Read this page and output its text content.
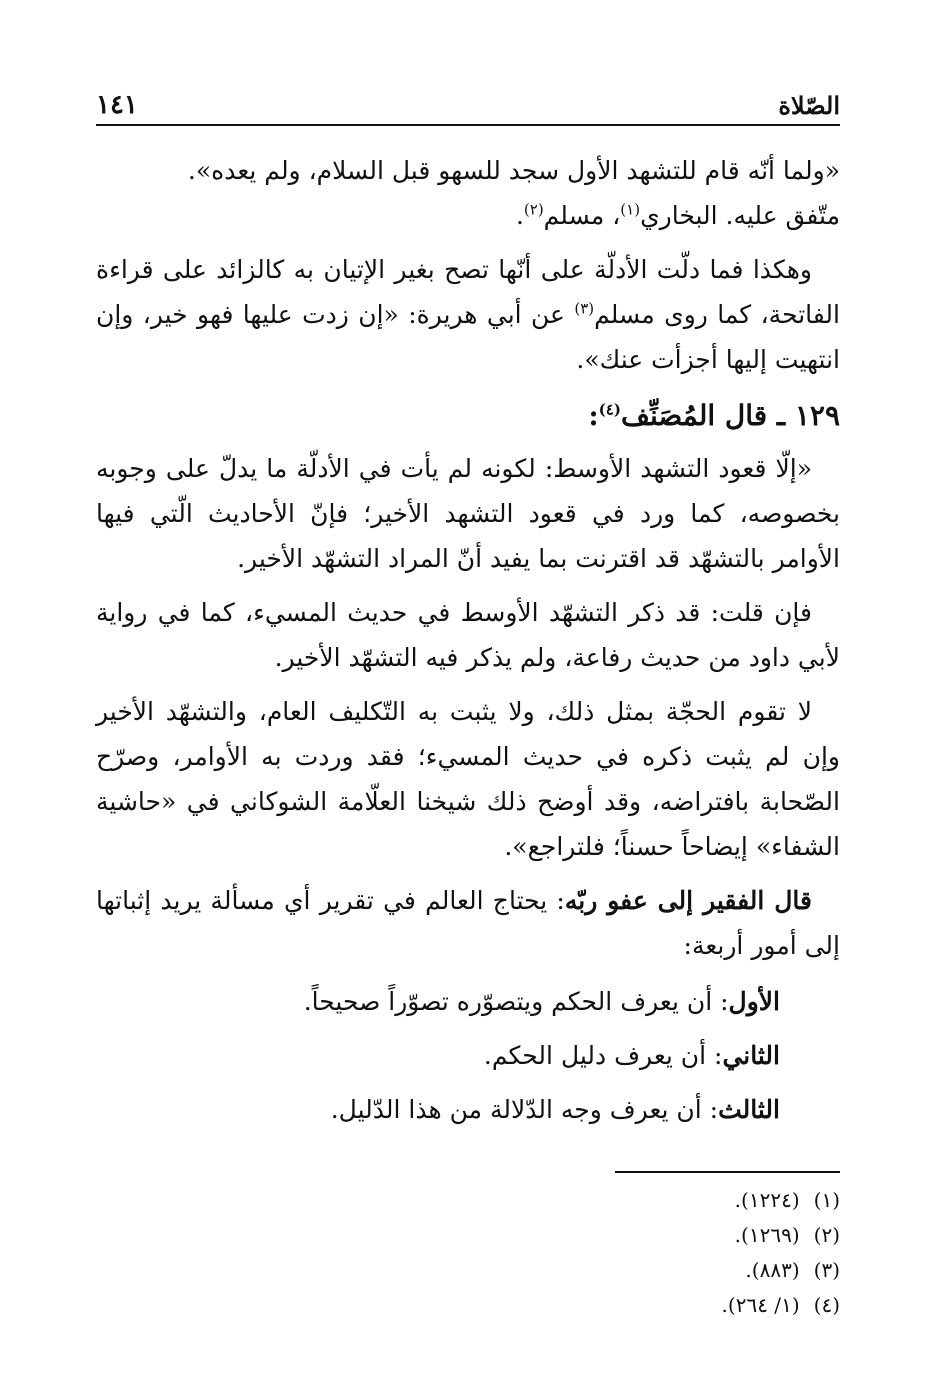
الصّلاة
١٤١

«ولما أنّه قام للتشهد الأول سجد للسهو قبل السلام، ولم يعده».
متّفق عليه. البخاري$^{(١)}$، مسلم$^{(٢)}$.

وهكذا فما دلّت الأدلّة على أنّها تصح بغير الإتيان به كالزائد على قراءة الفاتحة، كما روى مسلم$^{(٣)}$ عن أبي هريرة: «إن زدت عليها فهو خير، وإن انتهيت إليها أجزأت عنك».

١٢٩ ـ قال المُصَنِّف$^{(٤)}$:

«إلّا قعود التشهد الأوسط: لكونه لم يأت في الأدلّة ما يدلّ على وجوبه بخصوصه، كما ورد في قعود التشهد الأخير؛ فإنّ الأحاديث الّتي فيها الأوامر بالتشهّد قد اقترنت بما يفيد أنّ المراد التشهّد الأخير.

فإن قلت: قد ذكر التشهّد الأوسط في حديث المسيء، كما في رواية لأبي داود من حديث رفاعة، ولم يذكر فيه التشهّد الأخير.

لا تقوم الحجّة بمثل ذلك، ولا يثبت به التّكليف العام، والتشهّد الأخير وإن لم يثبت ذكره في حديث المسيء؛ فقد وردت به الأوامر، وصرّح الصّحابة بافتراضه، وقد أوضح ذلك شيخنا العلّامة الشوكاني في «حاشية الشفاء» إيضاحاً حسناً؛ فلتراجع».

قال الفقير إلى عفو ربّه: يحتاج العالم في تقرير أي مسألة يريد إثباتها إلى أمور أربعة:

الأول: أن يعرف الحكم ويتصوّره تصوّراً صحيحاً.

الثاني: أن يعرف دليل الحكم.

الثالث: أن يعرف وجه الدّلالة من هذا الدّليل.

(١)(١٢٢٤).

(٢)(١٢٦٩).

(٣)(٨٨٣).

(٤)(١/ ٢٦٤).
